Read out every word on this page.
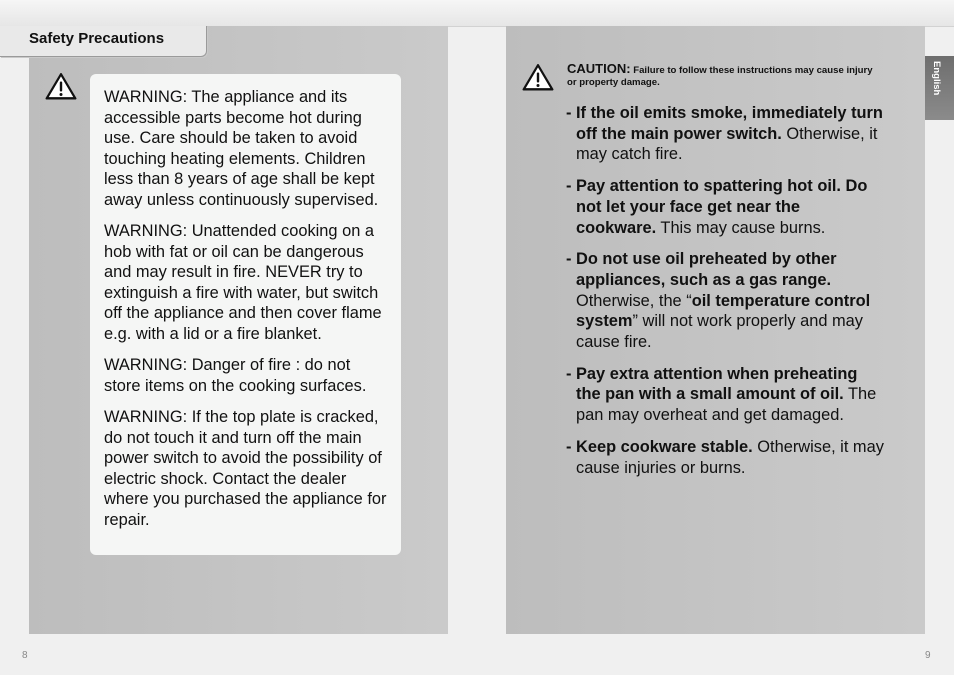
Safety Precautions

WARNING: The appliance and its accessible parts become hot during use. Care should be taken to avoid touching heating elements. Children less than 8 years of age shall be kept away unless continuously supervised.

WARNING: Unattended cooking on a hob with fat or oil can be dangerous and may result in fire. NEVER try to extinguish a fire with water, but switch off the appliance and then cover flame e.g. with a lid or a fire blanket.

WARNING: Danger of fire : do not store items on the cooking surfaces.

WARNING: If the top plate is cracked, do not touch it and turn off the main power switch to avoid the possibility of electric shock. Contact the dealer where you purchased the appliance for repair.

CAUTION: Failure to follow these instructions may cause injury or property damage.
- If the oil emits smoke, immediately turn off the main power switch. Otherwise, it may catch fire.
- Pay attention to spattering hot oil. Do not let your face get near the cookware. This may cause burns.
- Do not use oil preheated by other appliances, such as a gas range. Otherwise, the “oil temperature control system” will not work properly and may cause fire.
- Pay extra attention when preheating the pan with a small amount of oil. The pan may overheat and get damaged.
- Keep cookware stable. Otherwise, it may cause injuries or burns.
English
8	9
